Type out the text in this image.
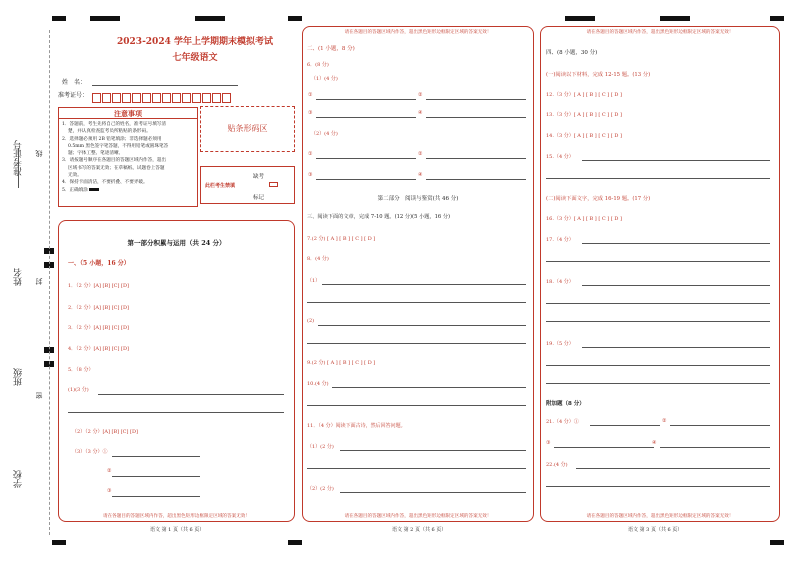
准考证号 线
姓名 封
班级
密
学校
2023-2024 学年上学期期末模拟考试
七年级语文
姓　名：
准考证号：
注意事项
1．答题前，考生先将自己的姓名，准考证号填写清
楚，并认真检查监考员所粘贴的条形码。
2．选择题必须用 2B 铅笔填涂；非选择题必须用
0.5mm 黑色签字笔答题，不得用铅笔或圆珠笔答
题；字体工整、笔迹清晰。
3．请按题号顺序在各题目的答题区域内作答，超出
区域书写的答案无效；在草稿纸、试题卷上答题
无效。
4．保持卡面清洁，不要折叠、不要弄破。
5．正确填涂
贴条形码区
此栏考生禁填
缺考
标记
第一部分积累与运用（共 24 分）
一、（5 小题，16 分）
1．（2 分）[A] [B] [C] [D]
2．（2 分）[A] [B] [C] [D]
3．（2 分）[A] [B] [C] [D]
4．（2 分）[A] [B] [C] [D]
5．（8 分）
(1)(3 分)
（2）（2 分）[A] [B] [C] [D]
（3）（3 分）①
②
③
请在各题目的答题区域内作答，超出黑色矩形边框限定区域的答案无效！
语文 第 1 页（共 6 页）
请在各题目的答题区域内作答，超出黑色矩形边框限定区域的答案无效！
二、(1 小题，8 分)
6．(8 分)
（1）(4 分)
①	②
③	④
（2）(4 分)
①	②
③	④
第二部分　阅读与鉴赏(共 46 分)
三、阅读下面的文章，完成 7-10 题。(12 分)(5 小题，16 分)
7.(2 分) [ A ] [ B ] [ C ] [ D ]
8．(4 分)
（1）
(2)
9.(2 分) [ A ] [ B ] [ C ] [ D ]
10.(4 分)
11．（4 分）阅读下面古诗，然后回答问题。
（1）(2 分)
（2）(2 分)
请在各题目的答题区域内作答，超出黑色矩形边框限定区域的答案无效！
语文 第 2 页（共 6 页）
请在各题目的答题区域内作答，超出黑色矩形边框限定区域的答案无效！
四、(8 小题，30 分)
(一)阅读以下材料，完成 12-15 题。(13 分)
12.（3 分）[ A ] [ B ] [ C ] [ D ]
13.（3 分）[ A ] [ B ] [ C ] [ D ]
14.（3 分）[ A ] [ B ] [ C ] [ D ]
15.（4 分）
(二)阅读下面文字，完成 16-19 题。(17 分)
16.（3 分）[ A ] [ B ] [ C ] [ D ]
17.（4 分）
18.（4 分）
19.（5 分）
附加题（8 分）
21.（4 分）①	②
③	④
22.(4 分)
请在各题目的答题区域内作答，超出黑色矩形边框限定区域的答案无效！
语文 第 3 页（共 6 页）
